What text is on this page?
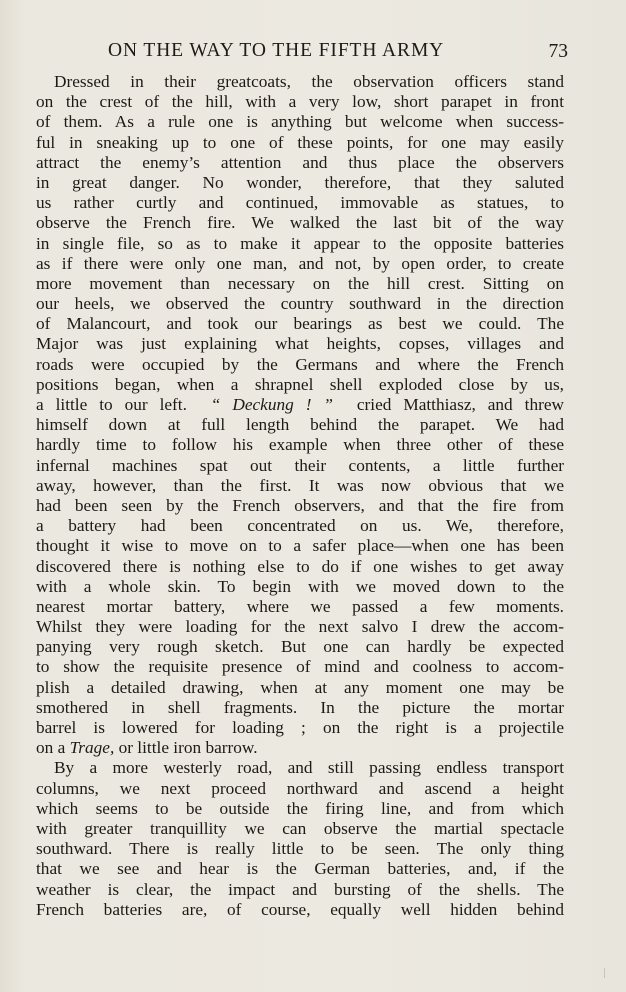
ON THE WAY TO THE FIFTH ARMY	73
Dressed in their greatcoats, the observation officers stand
on the crest of the hill, with a very low, short parapet in front
of them. As a rule one is anything but welcome when success-
ful in sneaking up to one of these points, for one may easily
attract the enemy’s attention and thus place the observers
in great danger. No wonder, therefore, that they saluted
us rather curtly and continued, immovable as statues, to
observe the French fire. We walked the last bit of the way
in single file, so as to make it appear to the opposite batteries
as if there were only one man, and not, by open order, to create
more movement than necessary on the hill crest. Sitting on
our heels, we observed the country southward in the direction
of Malancourt, and took our bearings as best we could. The
Major was just explaining what heights, copses, villages and
roads were occupied by the Germans and where the French
positions began, when a shrapnel shell exploded close by us,
a little to our left. “ Deckung ! ” cried Matthiasz, and threw
himself down at full length behind the parapet. We had
hardly time to follow his example when three other of these
infernal machines spat out their contents, a little further
away, however, than the first. It was now obvious that we
had been seen by the French observers, and that the fire from
a battery had been concentrated on us. We, therefore,
thought it wise to move on to a safer place—when one has been
discovered there is nothing else to do if one wishes to get away
with a whole skin. To begin with we moved down to the
nearest mortar battery, where we passed a few moments.
Whilst they were loading for the next salvo I drew the accom-
panying very rough sketch. But one can hardly be expected
to show the requisite presence of mind and coolness to accom-
plish a detailed drawing, when at any moment one may be
smothered in shell fragments. In the picture the mortar
barrel is lowered for loading ; on the right is a projectile
on a Trage, or little iron barrow.
By a more westerly road, and still passing endless transport
columns, we next proceed northward and ascend a height
which seems to be outside the firing line, and from which
with greater tranquillity we can observe the martial spectacle
southward. There is really little to be seen. The only thing
that we see and hear is the German batteries, and, if the
weather is clear, the impact and bursting of the shells. The
French batteries are, of course, equally well hidden behind
